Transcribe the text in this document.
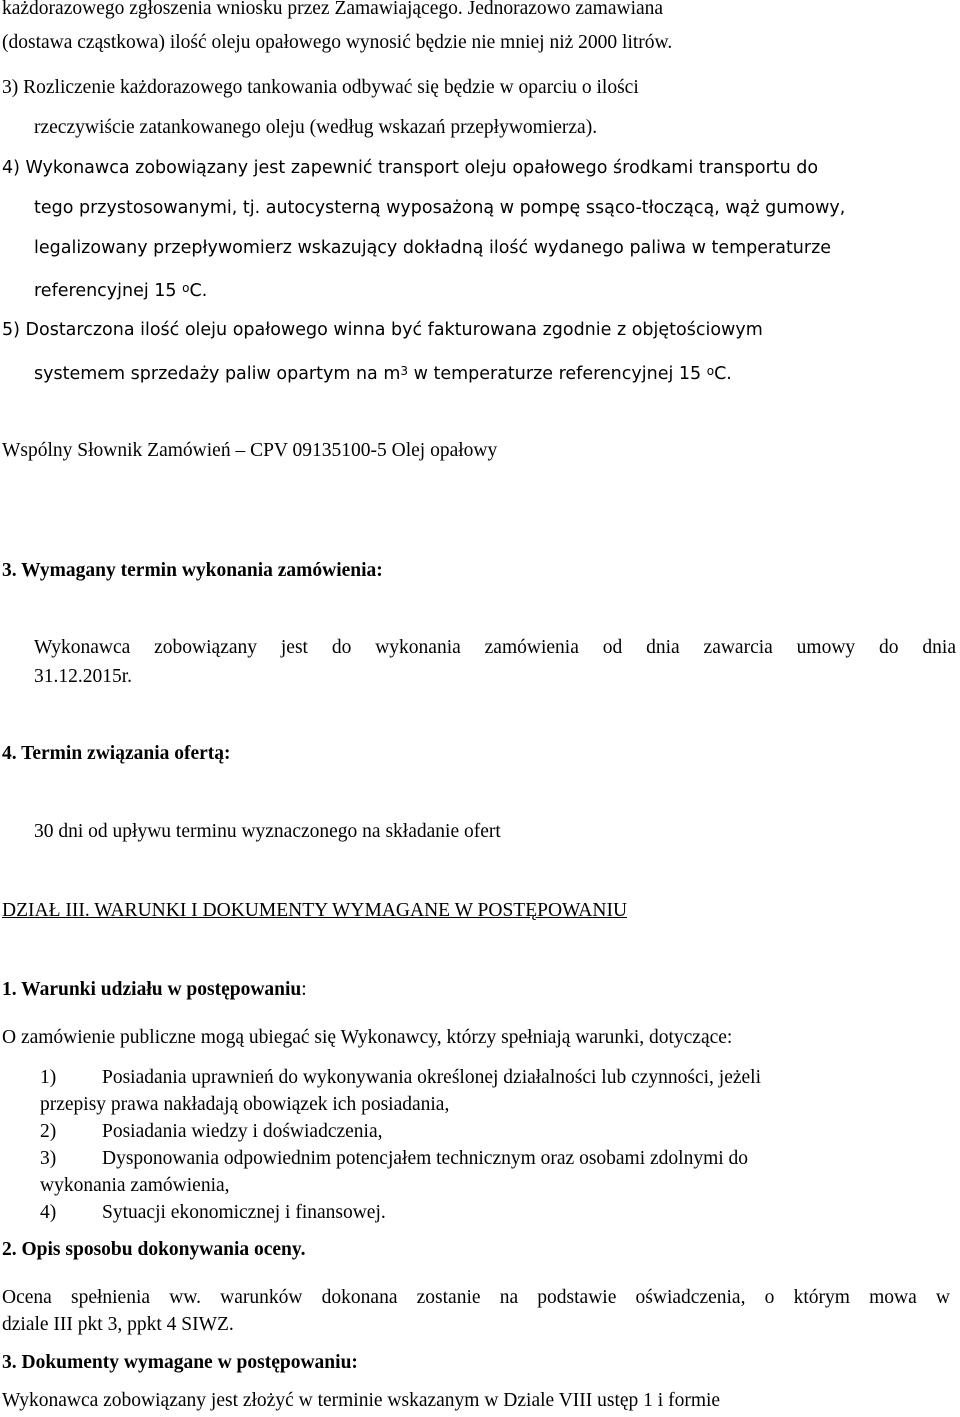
każdorazowego zgłoszenia wniosku przez Zamawiającego. Jednorazowo zamawiana
(dostawa cząstkowa) ilość oleju opałowego wynosić będzie nie mniej niż 2000 litrów.
3) Rozliczenie każdorazowego tankowania odbywać się będzie w oparciu o ilości
rzeczywiście zatankowanego oleju (według wskazań przepływomierza).
4) Wykonawca zobowiązany jest zapewnić transport oleju opałowego środkami transportu do
tego przystosowanymi, tj. autocysterną wyposażoną w pompę ssąco-tłoczącą, wąż gumowy,
legalizowany przepływomierz wskazujący dokładną ilość wydanego paliwa w temperaturze
referencyjnej 15 $^o$C.
5) Dostarczona ilość oleju opałowego winna być fakturowana zgodnie z objętościowym
systemem sprzedaży paliw opartym na $m^3$ w temperaturze referencyjnej 15 $^o$C.
Wspólny Słownik Zamówień – CPV 09135100-5 Olej opałowy
3. Wymagany termin wykonania zamówienia:
Wykonawca zobowiązany jest do wykonania zamówienia od dnia zawarcia umowy do dnia
31.12.2015r.
4. Termin związania ofertą:
30 dni od upływu terminu wyznaczonego na składanie ofert
DZIAŁ III. WARUNKI I DOKUMENTY WYMAGANE W POSTĘPOWANIU
1. Warunki udziału w postępowaniu:
O zamówienie publiczne mogą ubiegać się Wykonawcy, którzy spełniają warunki, dotyczące:
1) Posiadania uprawnień do wykonywania określonej działalności lub czynności, jeżeli
przepisy prawa nakładają obowiązek ich posiadania,
2) Posiadania wiedzy i doświadczenia,
3) Dysponowania odpowiednim potencjałem technicznym oraz osobami zdolnymi do
wykonania zamówienia,
4) Sytuacji ekonomicznej i finansowej.
2. Opis sposobu dokonywania oceny.
Ocena spełnienia ww. warunków dokonana zostanie na podstawie oświadczenia, o którym mowa w
dziale III pkt 3, ppkt 4 SIWZ.
3. Dokumenty wymagane w postępowaniu:
Wykonawca zobowiązany jest złożyć w terminie wskazanym w Dziale VIII ustęp 1 i formie
